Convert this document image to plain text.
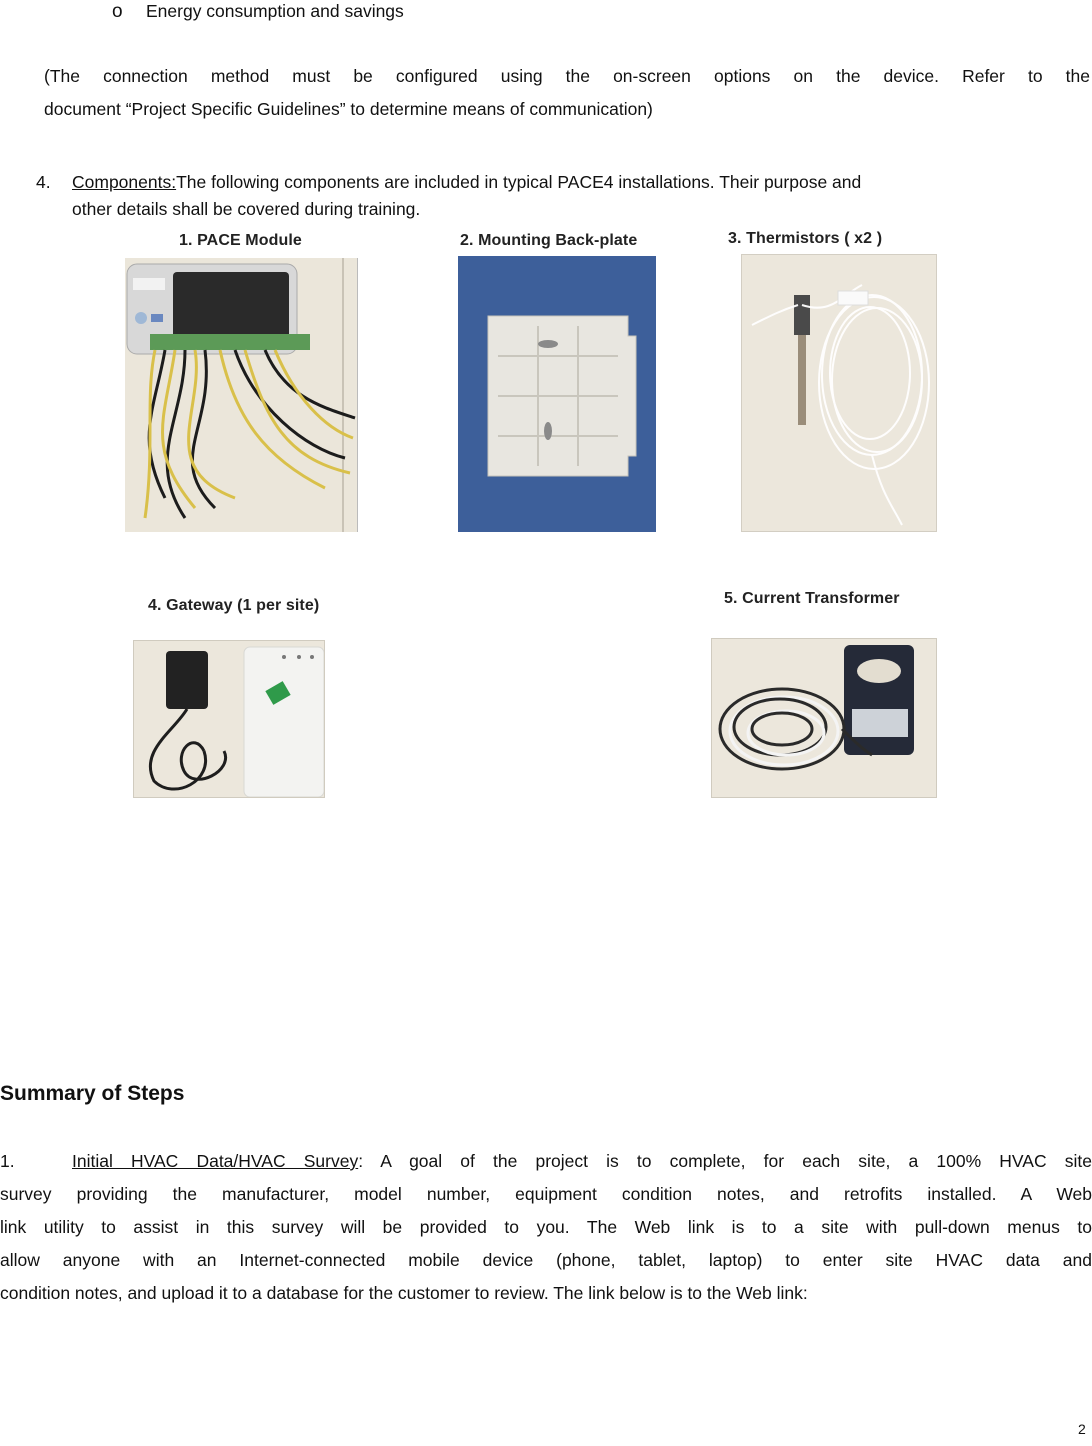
o Energy consumption and savings
(The connection method must be configured using the on-screen options on the device. Refer to the
document “Project Specific Guidelines” to determine means of communication)
4. Components:The following components are included in typical PACE4 installations. Their purpose and
other details shall be covered during training.
1. PACE Module	2. Mounting Back-plate	3. Thermistors ( x2 )
4. Gateway (1 per site)	5. Current Transformer
Summary of Steps
1.	Initial HVAC Data/HVAC Survey: A goal of the project is to complete, for each site, a 100% HVAC site
survey providing the manufacturer, model number, equipment condition notes, and retrofits installed. A Web
link utility to assist in this survey will be provided to you. The Web link is to a site with pull-down menus to
allow anyone with an Internet-connected mobile device (phone, tablet, laptop) to enter site HVAC data and
condition notes, and upload it to a database for the customer to review. The link below is to the Web link:
2
